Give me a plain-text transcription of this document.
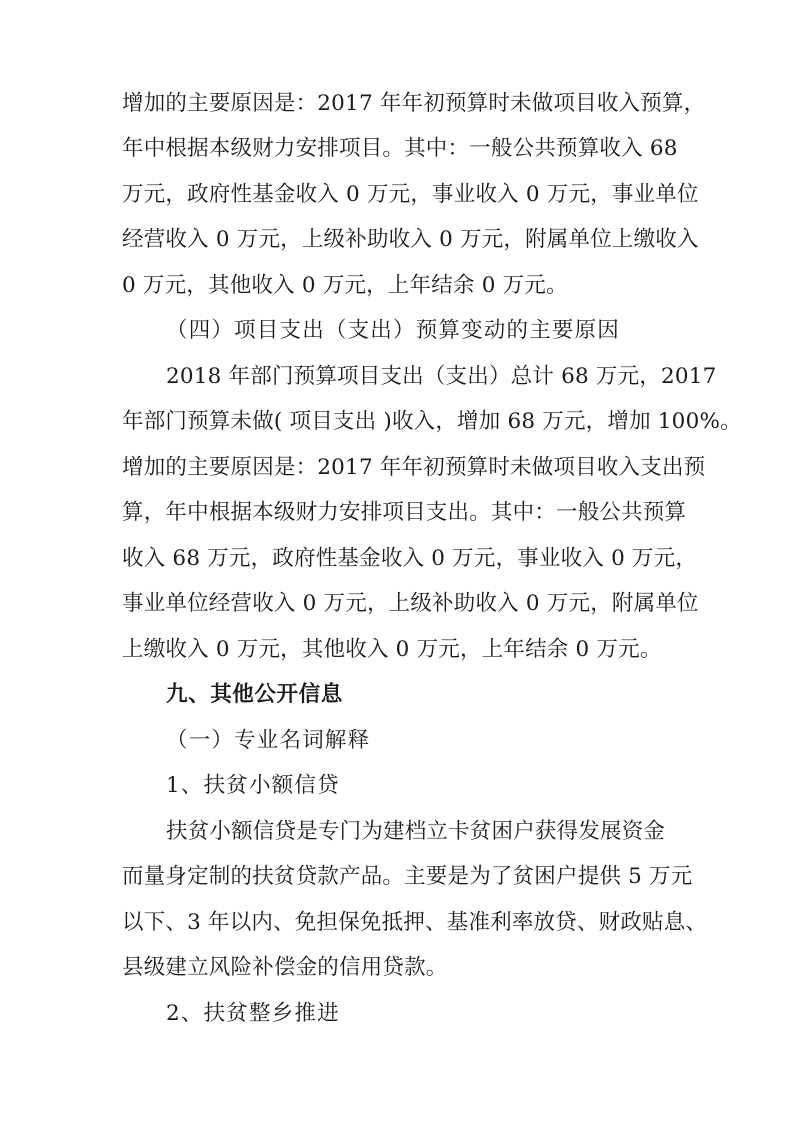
增加的主要原因是：2017 年年初预算时未做项目收入预算，
年中根据本级财力安排项目。其中：一般公共预算收入 68
万元，政府性基金收入 0 万元，事业收入 0 万元，事业单位
经营收入 0 万元，上级补助收入 0 万元，附属单位上缴收入
0 万元，其他收入 0 万元，上年结余 0 万元。
（四）项目支出（支出）预算变动的主要原因
2018 年部门预算项目支出（支出）总计 68 万元，2017
年部门预算未做( 项目支出 )收入，增加 68 万元，增加 100%。
增加的主要原因是：2017 年年初预算时未做项目收入支出预
算，年中根据本级财力安排项目支出。其中：一般公共预算
收入 68 万元，政府性基金收入 0 万元，事业收入 0 万元，
事业单位经营收入 0 万元，上级补助收入 0 万元，附属单位
上缴收入 0 万元，其他收入 0 万元，上年结余 0 万元。
九、其他公开信息
（一）专业名词解释
1、扶贫小额信贷
扶贫小额信贷是专门为建档立卡贫困户获得发展资金
而量身定制的扶贫贷款产品。主要是为了贫困户提供 5 万元
以下、3 年以内、免担保免抵押、基准利率放贷、财政贴息、
县级建立风险补偿金的信用贷款。
2、扶贫整乡推进
